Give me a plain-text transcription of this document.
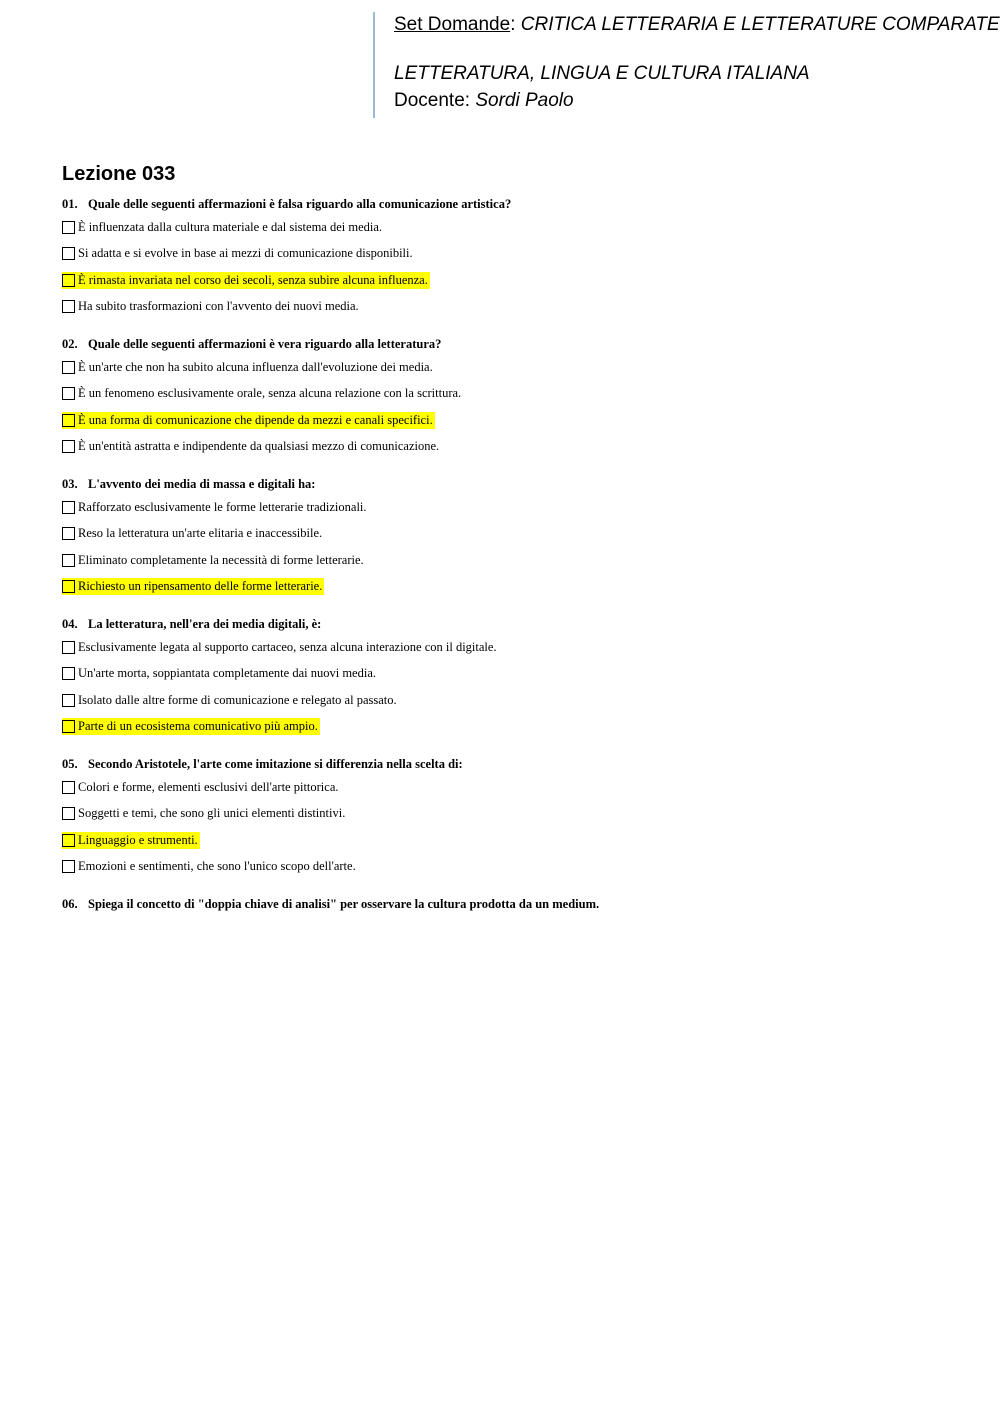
Set Domande: CRITICA LETTERARIA E LETTERATURE COMPARATE
LETTERATURA, LINGUA E CULTURA ITALIANA
Docente: Sordi Paolo
Lezione 033
01. Quale delle seguenti affermazioni è falsa riguardo alla comunicazione artistica?
È influenzata dalla cultura materiale e dal sistema dei media.
Si adatta e si evolve in base ai mezzi di comunicazione disponibili.
È rimasta invariata nel corso dei secoli, senza subire alcuna influenza.
Ha subito trasformazioni con l'avvento dei nuovi media.
02. Quale delle seguenti affermazioni è vera riguardo alla letteratura?
È un'arte che non ha subito alcuna influenza dall'evoluzione dei media.
È un fenomeno esclusivamente orale, senza alcuna relazione con la scrittura.
È una forma di comunicazione che dipende da mezzi e canali specifici.
È un'entità astratta e indipendente da qualsiasi mezzo di comunicazione.
03. L'avvento dei media di massa e digitali ha:
Rafforzato esclusivamente le forme letterarie tradizionali.
Reso la letteratura un'arte elitaria e inaccessibile.
Eliminato completamente la necessità di forme letterarie.
Richiesto un ripensamento delle forme letterarie.
04. La letteratura, nell'era dei media digitali, è:
Esclusivamente legata al supporto cartaceo, senza alcuna interazione con il digitale.
Un'arte morta, soppiantata completamente dai nuovi media.
Isolato dalle altre forme di comunicazione e relegato al passato.
Parte di un ecosistema comunicativo più ampio.
05. Secondo Aristotele, l'arte come imitazione si differenzia nella scelta di:
Colori e forme, elementi esclusivi dell'arte pittorica.
Soggetti e temi, che sono gli unici elementi distintivi.
Linguaggio e strumenti.
Emozioni e sentimenti, che sono l'unico scopo dell'arte.
06. Spiega il concetto di "doppia chiave di analisi" per osservare la cultura prodotta da un medium.
